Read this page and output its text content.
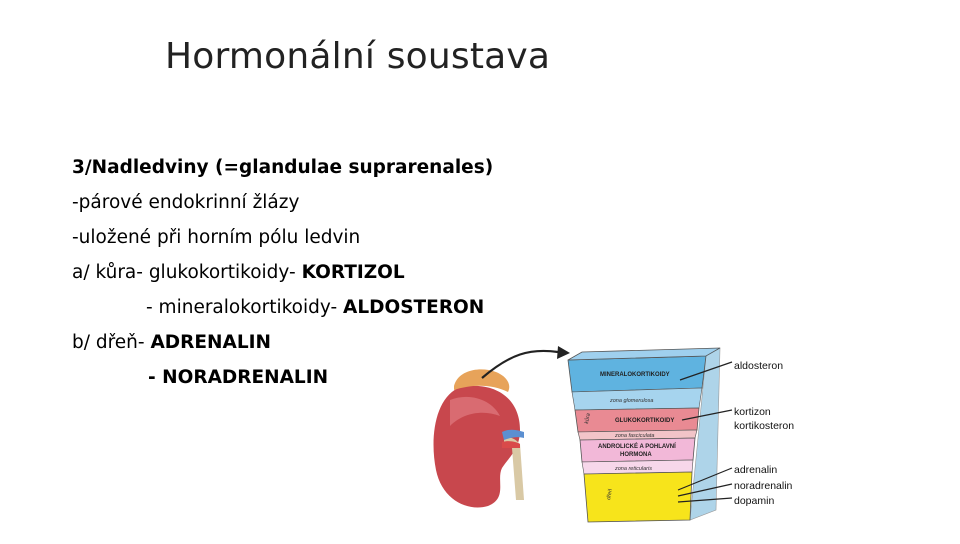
Hormonální soustava
3/Nadledviny (=glandulae suprarenales)
-párové endokrinní žlázy
-uložené při horním pólu ledvin
a/ kůra- glukokortikoidy- KORTIZOL
- mineralokortikoidy- ALDOSTERON
b/ dřeň- ADRENALIN
- NORADRENALIN	MINERALOKORTIKOIDY
zona glomerulosa
GLUKOKORTIKOIDY
zona fasciculata
ANDROLICKÉ A POHLAVNÍ
HORMONA
zona reticularis
kůra
dřeň
aldosteron
kortizon
kortikosteron
adrenalin
noradrenalin
dopamin
